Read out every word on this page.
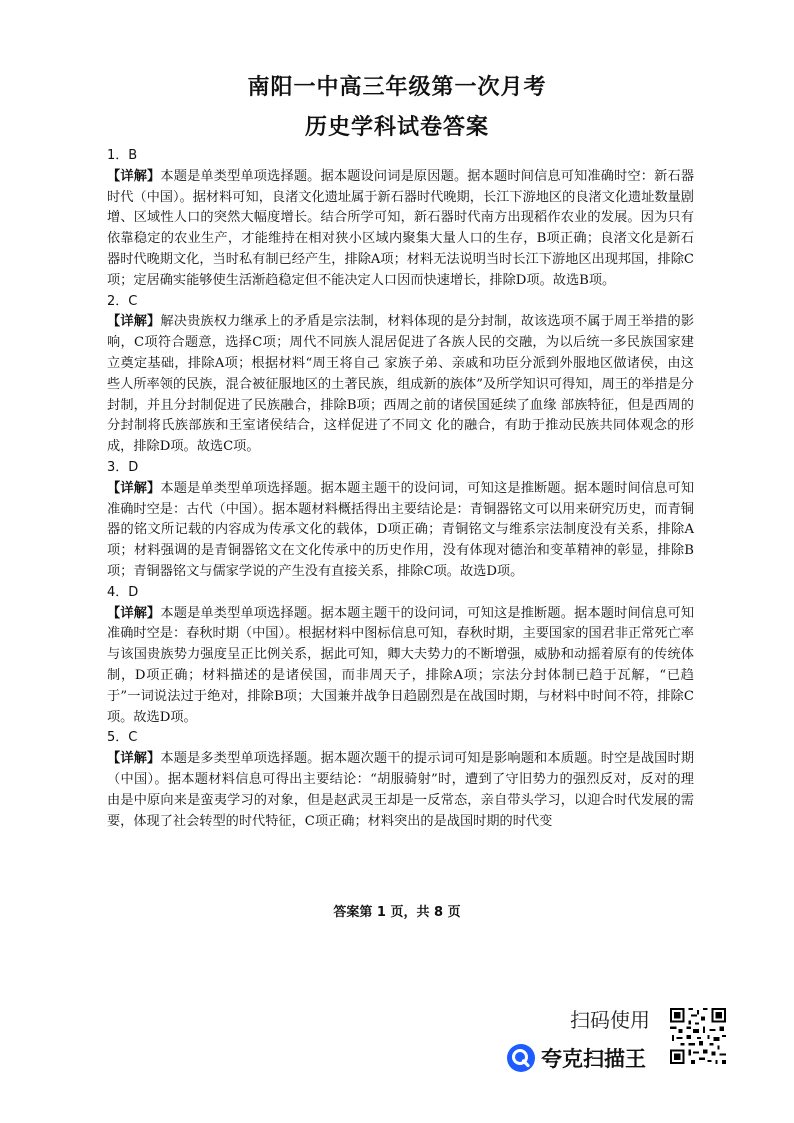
南阳一中高三年级第一次月考
历史学科试卷答案
1．B
【详解】本题是单类型单项选择题。据本题设问词是原因题。据本题时间信息可知准确时空：新石器时代（中国）。据材料可知，良渚文化遗址属于新石器时代晚期，长江下游地区的良渚文化遗址数量剧增、区域性人口的突然大幅度增长。结合所学可知，新石器时代南方出现稻作农业的发展。因为只有依靠稳定的农业生产，才能维持在相对狭小区域内聚集大量人口的生存，B项正确；良渚文化是新石器时代晚期文化，当时私有制已经产生，排除A项；材料无法说明当时长江下游地区出现邦国，排除C项；定居确实能够使生活渐趋稳定但不能决定人口因而快速增长，排除D项。故选B项。
2．C
【详解】解决贵族权力继承上的矛盾是宗法制，材料体现的是分封制，故该选项不属于周王举措的影响，C项符合题意，选择C项；周代不同族人混居促进了各族人民的交融，为以后统一多民族国家建立奠定基础，排除A项；根据材料“周王将自己 家族子弟、亲戚和功臣分派到外服地区做诸侯，由这些人所率领的民族，混合被征服地区的土著民族，组成新的族体”及所学知识可得知，周王的举措是分封制，并且分封制促进了民族融合，排除B项；西周之前的诸侯国延续了血缘 部族特征，但是西周的分封制将氏族部族和王室诸侯结合，这样促进了不同文 化的融合，有助于推动民族共同体观念的形成，排除D项。故选C项。
3．D
【详解】本题是单类型单项选择题。据本题主题干的设问词，可知这是推断题。据本题时间信息可知准确时空是：古代（中国）。据本题材料概括得出主要结论是：青铜器铭文可以用来研究历史，而青铜器的铭文所记载的内容成为传承文化的载体，D项正确；青铜铭文与维系宗法制度没有关系，排除A项；材料强调的是青铜器铭文在文化传承中的历史作用，没有体现对德治和变革精神的彰显，排除B项；青铜器铭文与儒家学说的产生没有直接关系，排除C项。故选D项。
4．D
【详解】本题是单类型单项选择题。据本题主题干的设问词，可知这是推断题。据本题时间信息可知准确时空是：春秋时期（中国）。根据材料中图标信息可知，春秋时期，主要国家的国君非正常死亡率与该国贵族势力强度呈正比例关系，据此可知，卿大夫势力的不断增强，威胁和动摇着原有的传统体制，D项正确；材料描述的是诸侯国，而非周天子，排除A项；宗法分封体制已趋于瓦解，“已趋于”一词说法过于绝对，排除B项；大国兼并战争日趋剧烈是在战国时期，与材料中时间不符，排除C项。故选D项。
5．C
【详解】本题是多类型单项选择题。据本题次题干的提示词可知是影响题和本质题。时空是战国时期（中国）。据本题材料信息可得出主要结论：“胡服骑射”时，遭到了守旧势力的强烈反对，反对的理由是中原向来是蛮夷学习的对象，但是赵武灵王却是一反常态，亲自带头学习，以迎合时代发展的需要，体现了社会转型的时代特征，C项正确；材料突出的是战国时期的时代变
答案第 1 页，共 8 页
扫码使用
夸克扫描王
